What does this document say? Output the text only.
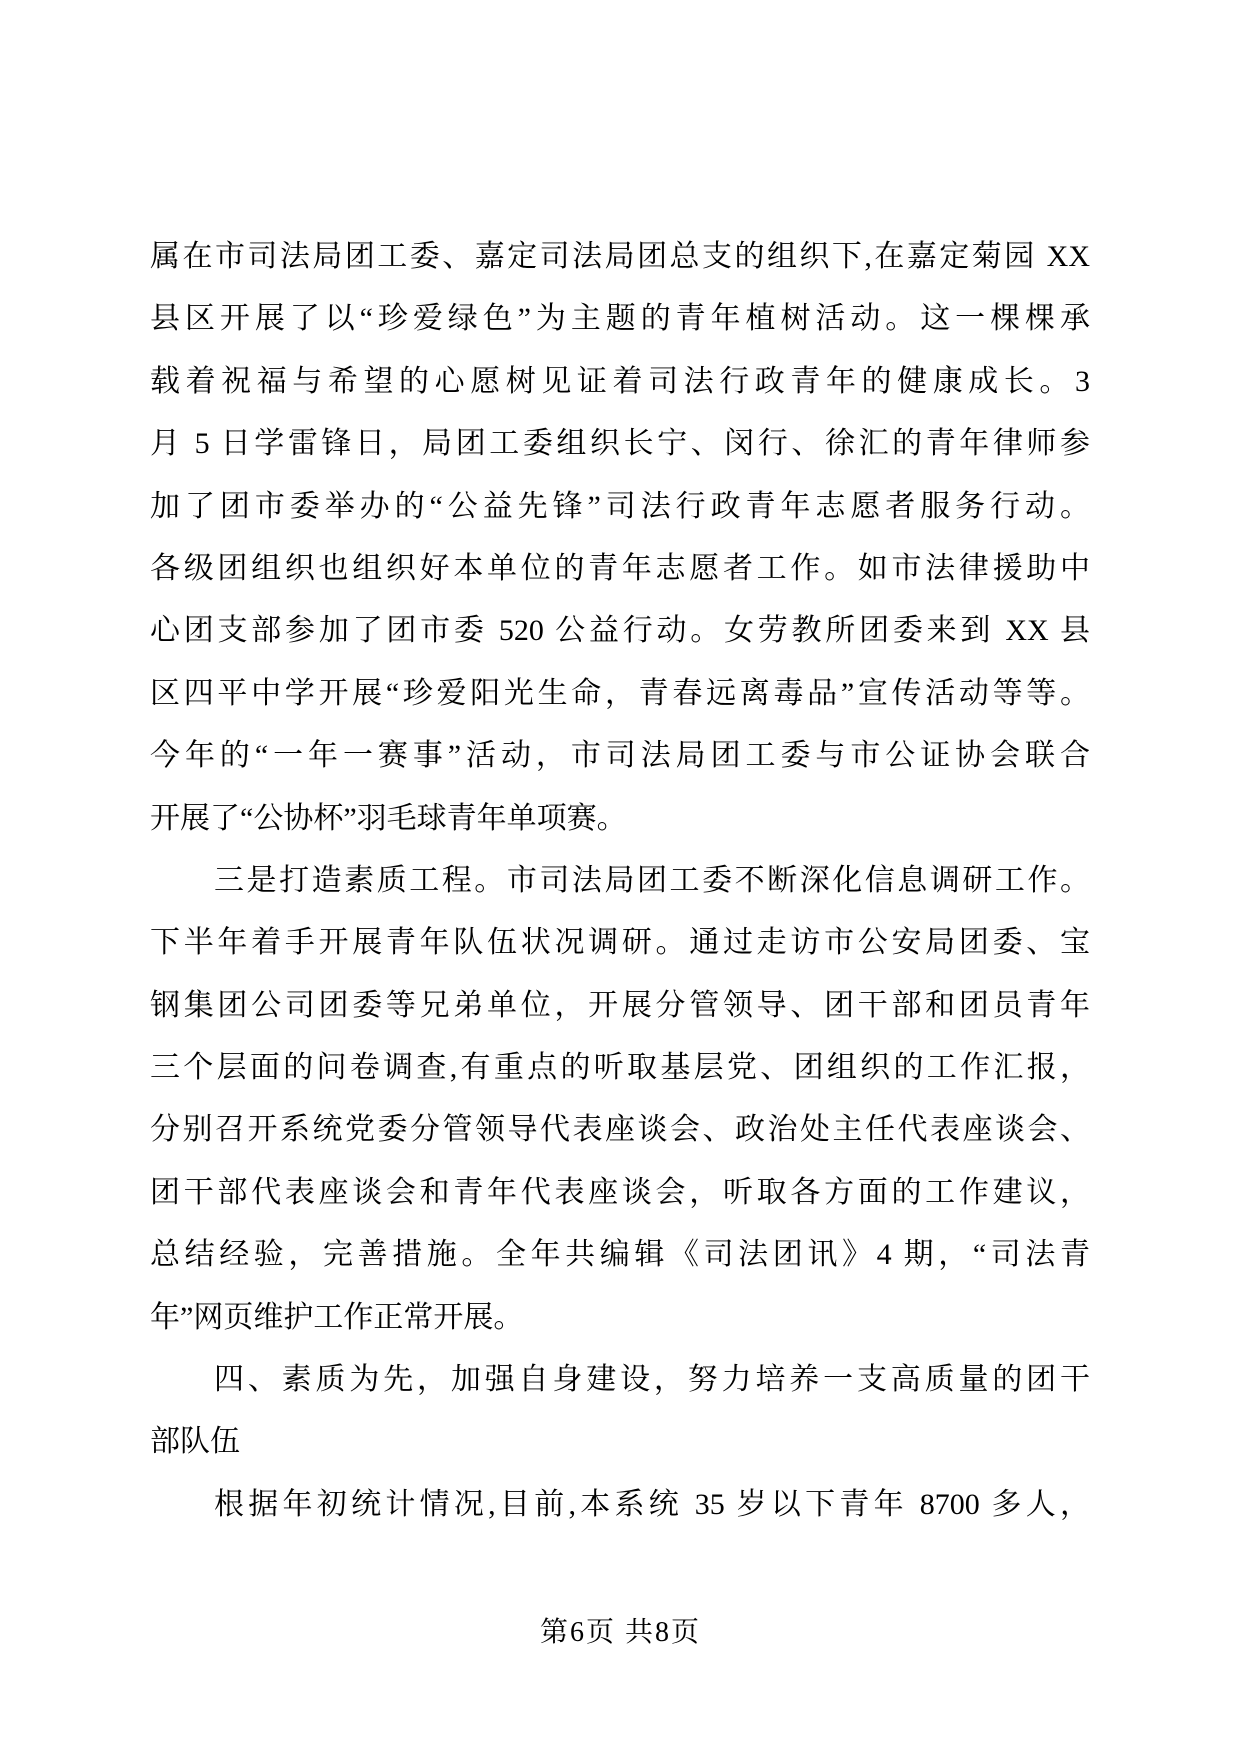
属在市司法局团工委、嘉定司法局团总支的组织下,在嘉定菊园 XX
县区开展了以“珍爱绿色”为主题的青年植树活动。这一棵棵承
载着祝福与希望的心愿树见证着司法行政青年的健康成长。3
月 5 日学雷锋日，局团工委组织长宁、闵行、徐汇的青年律师参
加了团市委举办的“公益先锋”司法行政青年志愿者服务行动。
各级团组织也组织好本单位的青年志愿者工作。如市法律援助中
心团支部参加了团市委 520 公益行动。女劳教所团委来到 XX 县
区四平中学开展“珍爱阳光生命，青春远离毒品”宣传活动等等。
今年的“一年一赛事”活动，市司法局团工委与市公证协会联合
开展了“公协杯”羽毛球青年单项赛。
三是打造素质工程。市司法局团工委不断深化信息调研工作。
下半年着手开展青年队伍状况调研。通过走访市公安局团委、宝
钢集团公司团委等兄弟单位，开展分管领导、团干部和团员青年
三个层面的问卷调查,有重点的听取基层党、团组织的工作汇报，
分别召开系统党委分管领导代表座谈会、政治处主任代表座谈会、
团干部代表座谈会和青年代表座谈会，听取各方面的工作建议，
总结经验，完善措施。全年共编辑《司法团讯》4 期，“司法青
年”网页维护工作正常开展。
四、素质为先，加强自身建设，努力培养一支高质量的团干
部队伍
根据年初统计情况,目前,本系统 35 岁以下青年 8700 多人，
第6页 共8页
